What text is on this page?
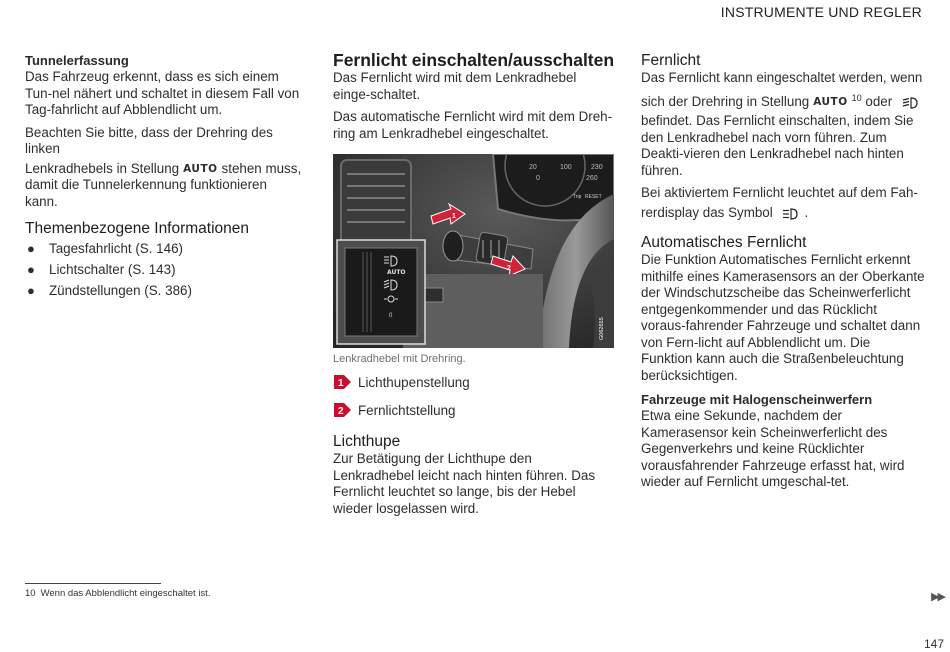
INSTRUMENTE UND REGLER
Tunnelerfassung

Das Fahrzeug erkennt, dass es sich einem Tun-nel nähert und schaltet in diesem Fall von Tag-fahrlicht auf Abblendlicht um.

Beachten Sie bitte, dass der Drehring des linken
Lenkradhebels in Stellung AUTO stehen muss,
damit die Tunnelerkennung funktionieren kann.

Themenbezogene Informationen
● Tagesfahrlicht (S. 146)
● Lichtschalter (S. 143)
● Zündstellungen (S. 386)
Fernlicht einschalten/ausschalten

Das Fernlicht wird mit dem Lenkradhebel einge-schaltet.

Das automatische Fernlicht wird mit dem Dreh-ring am Lenkradhebel eingeschaltet.

20
0
100	230
260
Trip RESET
1
2
AUTO
0
G062655
Lenkradhebel mit Drehring.
1 Lichthupenstellung
2 Fernlichtstellung
Lichthupe

Zur Betätigung der Lichthupe den Lenkradhebel leicht nach hinten führen. Das Fernlicht leuchtet so lange, bis der Hebel wieder losgelassen wird.

Fernlicht

Das Fernlicht kann eingeschaltet werden, wenn
sich der Drehring in Stellung AUTO $^{10}$ oder
befindet. Das Fernlicht einschalten, indem Sie den Lenkradhebel nach vorn führen. Zum Deakti-vieren den Lenkradhebel nach hinten führen.

Bei aktiviertem Fernlicht leuchtet auf dem Fah-
rerdisplay das Symbol .

Automatisches Fernlicht

Die Funktion Automatisches Fernlicht erkennt mithilfe eines Kamerasensors an der Oberkante der Windschutzscheibe das Scheinwerferlicht entgegenkommender und das Rücklicht voraus-fahrender Fahrzeuge und schaltet dann von Fern-licht auf Abblendlicht um. Die Funktion kann auch die Straßenbeleuchtung berücksichtigen.

Fahrzeuge mit Halogenscheinwerfern

Etwa eine Sekunde, nachdem der Kamerasensor kein Scheinwerferlicht des Gegenverkehrs und keine Rücklichter vorausfahrender Fahrzeuge erfasst hat, wird wieder auf Fernlicht umgeschal-tet.

10 Wenn das Abblendlicht eingeschaltet ist.	▶▶
147
